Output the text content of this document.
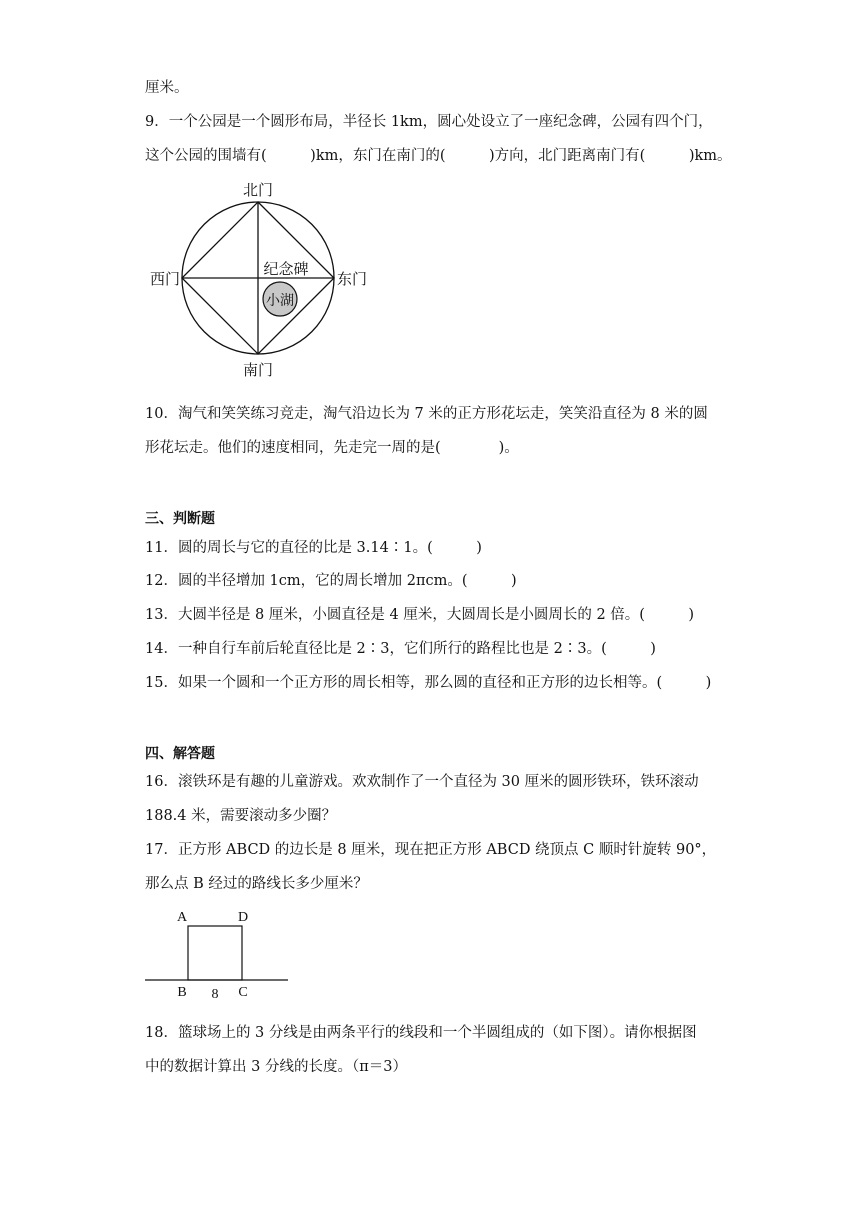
厘米。
9．一个公园是一个圆形布局，半径长 1km，圆心处设立了一座纪念碑，公园有四个门，
这个公园的围墙有(　　　)km，东门在南门的(　　　)方向，北门距离南门有(　　　)km。
北门
南门
东门
西门
纪念碑
小湖
10．淘气和笑笑练习竞走，淘气沿边长为 7 米的正方形花坛走，笑笑沿直径为 8 米的圆
形花坛走。他们的速度相同，先走完一周的是(　　　　)。
三、判断题
11．圆的周长与它的直径的比是 3.14∶1。(　　　)
12．圆的半径增加 1cm，它的周长增加 2πcm。(　　　)
13．大圆半径是 8 厘米，小圆直径是 4 厘米，大圆周长是小圆周长的 2 倍。(　　　)
14．一种自行车前后轮直径比是 2∶3，它们所行的路程比也是 2∶3。(　　　)
15．如果一个圆和一个正方形的周长相等，那么圆的直径和正方形的边长相等。(　　　)
四、解答题
16．滚铁环是有趣的儿童游戏。欢欢制作了一个直径为 30 厘米的圆形铁环，铁环滚动
188.4 米，需要滚动多少圈？
17．正方形 ABCD 的边长是 8 厘米，现在把正方形 ABCD 绕顶点 C 顺时针旋转 90°，
那么点 B 经过的路线长多少厘米？
A	D
B	C
8
18．篮球场上的 3 分线是由两条平行的线段和一个半圆组成的（如下图）。请你根据图
中的数据计算出 3 分线的长度。（π＝3）
